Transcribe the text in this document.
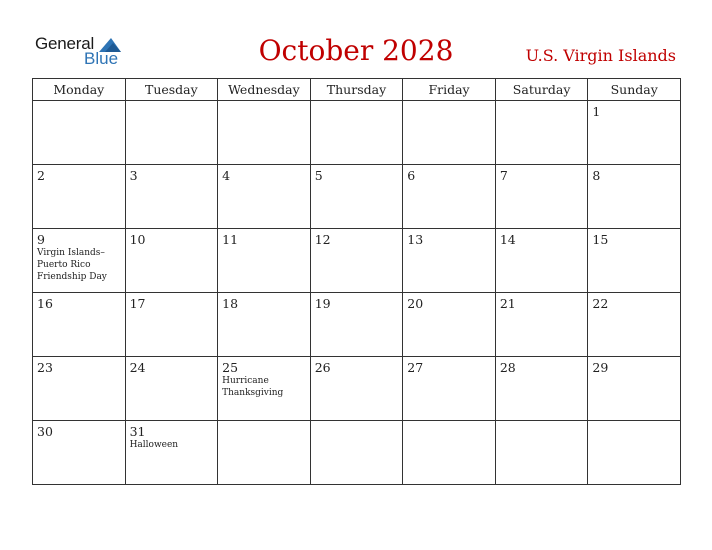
General
Blue	October 2028	U.S. Virgin Islands
Monday	Tuesday	Wednesday	Thursday	Friday	Saturday	Sunday

						1

2	3	4	5	6	7	8

9
Virgin Islands–
Puerto Rico
Friendship Day	10	11	12	13	14	15

16	17	18	19	20	21	22

23	24	25
Hurricane
Thanksgiving	26	27	28	29

30	31
Halloween					
